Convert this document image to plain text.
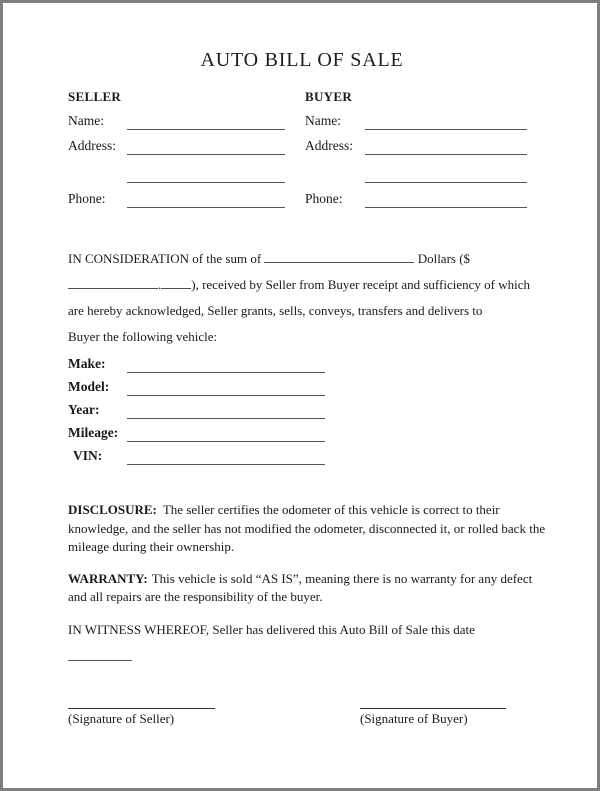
AUTO BILL OF SALE
SELLER
Name:
Address:
Phone:
BUYER
Name:
Address:
Phone:
IN CONSIDERATION of the sum of	Dollars ($
. ), received by Seller from Buyer receipt and sufficiency of which
are hereby acknowledged, Seller grants, sells, conveys, transfers and delivers to
Buyer the following vehicle:
Make:
Model:
Year:
Mileage:
VIN:

DISCLOSURE: The seller certifies the odometer of this vehicle is correct to their knowledge, and the seller has not modified the odometer, disconnected it, or rolled back the mileage during their ownership.

WARRANTY: This vehicle is sold “AS IS”, meaning there is no warranty for any defect and all repairs are the responsibility of the buyer.

IN WITNESS WHEREOF, Seller has delivered this Auto Bill of Sale this date

(Signature of Seller)	(Signature of Buyer)
